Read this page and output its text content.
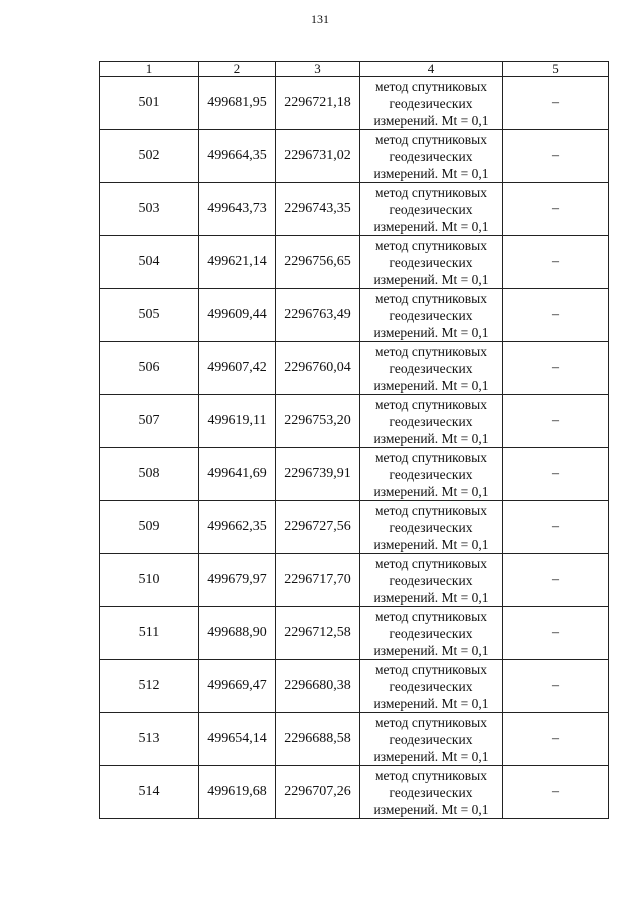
131
1	2	3	4	5
501	499681,95	2296721,18	метод спутниковых
геодезических
измерений. Mt = 0,1	–
502	499664,35	2296731,02	метод спутниковых
геодезических
измерений. Mt = 0,1	–
503	499643,73	2296743,35	метод спутниковых
геодезических
измерений. Mt = 0,1	–
504	499621,14	2296756,65	метод спутниковых
геодезических
измерений. Mt = 0,1	–
505	499609,44	2296763,49	метод спутниковых
геодезических
измерений. Mt = 0,1	–
506	499607,42	2296760,04	метод спутниковых
геодезических
измерений. Mt = 0,1	–
507	499619,11	2296753,20	метод спутниковых
геодезических
измерений. Mt = 0,1	–
508	499641,69	2296739,91	метод спутниковых
геодезических
измерений. Mt = 0,1	–
509	499662,35	2296727,56	метод спутниковых
геодезических
измерений. Mt = 0,1	–
510	499679,97	2296717,70	метод спутниковых
геодезических
измерений. Mt = 0,1	–
511	499688,90	2296712,58	метод спутниковых
геодезических
измерений. Mt = 0,1	–
512	499669,47	2296680,38	метод спутниковых
геодезических
измерений. Mt = 0,1	–
513	499654,14	2296688,58	метод спутниковых
геодезических
измерений. Mt = 0,1	–
514	499619,68	2296707,26	метод спутниковых
геодезических
измерений. Mt = 0,1	–
